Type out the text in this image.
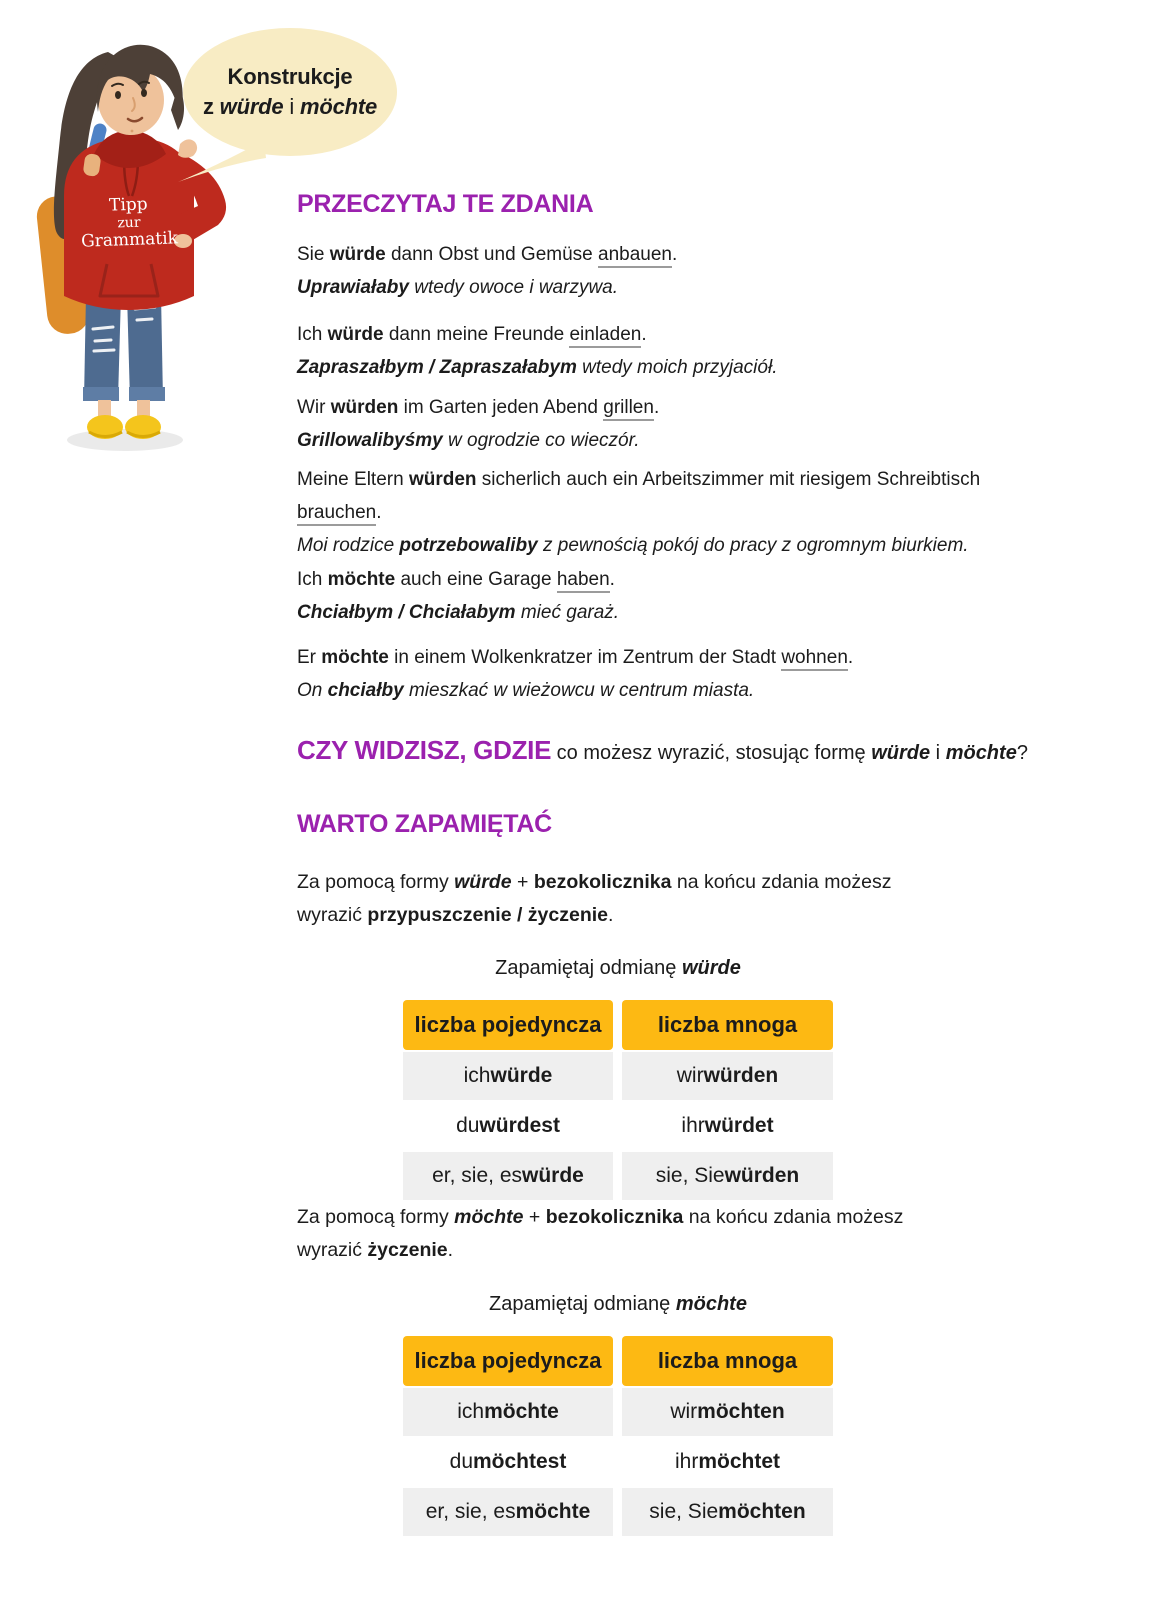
Tipp
zur
Grammatik
Konstrukcje
z würde i möchte
PRZECZYTAJ TE ZDANIA
Sie würde dann Obst und Gemüse anbauen.
Uprawiałaby wtedy owoce i warzywa.
Ich würde dann meine Freunde einladen.
Zapraszałbym / Zapraszałabym wtedy moich przyjaciół.
Wir würden im Garten jeden Abend grillen.
Grillowalibyśmy w ogrodzie co wieczór.
Meine Eltern würden sicherlich auch ein Arbeitszimmer mit riesigem Schreibtisch brauchen.
Moi rodzice potrzebowaliby z pewnością pokój do pracy z ogromnym biurkiem.
Ich möchte auch eine Garage haben.
Chciałbym / Chciałabym mieć garaż.
Er möchte in einem Wolkenkratzer im Zentrum der Stadt wohnen.
On chciałby mieszkać w wieżowcu w centrum miasta.
CZY WIDZISZ, GDZIE co możesz wyrazić, stosując formę würde i möchte?
WARTO ZAPAMIĘTAĆ
Za pomocą formy würde + bezokolicznika na końcu zdania możesz wyrazić przypuszczenie / życzenie.
Zapamiętaj odmianę würde
liczba pojedyncza	liczba mnoga
ich würde	wir würden
du würdest	ihr würdet
er, sie, es würde	sie, Sie würden
Za pomocą formy möchte + bezokolicznika na końcu zdania możesz wyrazić życzenie.
Zapamiętaj odmianę möchte
liczba pojedyncza	liczba mnoga
ich möchte	wir möchten
du möchtest	ihr möchtet
er, sie, es möchte	sie, Sie möchten
